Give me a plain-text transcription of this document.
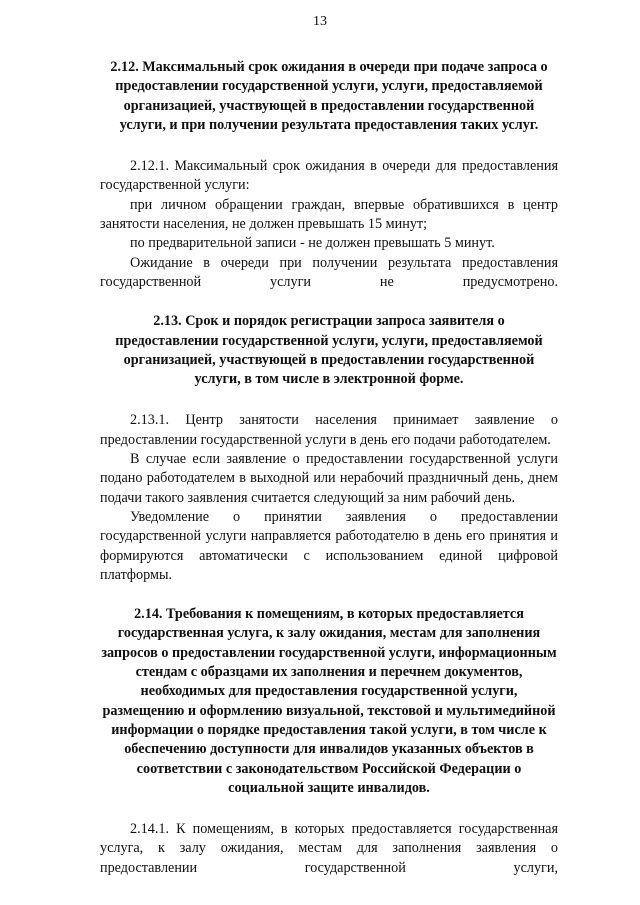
13

2.12. Максимальный срок ожидания в очереди при подаче запроса о предоставлении государственной услуги, услуги, предоставляемой организацией, участвующей в предоставлении государственной услуги, и при получении результата предоставления таких услуг.

2.12.1. Максимальный срок ожидания в очереди для предоставления государственной услуги:

при личном обращении граждан, впервые обратившихся в центр занятости населения, не должен превышать 15 минут;

по предварительной записи - не должен превышать 5 минут.

Ожидание в очереди при получении результата предоставления государственной услуги не предусмотрено.

2.13. Срок и порядок регистрации запроса заявителя о предоставлении государственной услуги, услуги, предоставляемой организацией, участвующей в предоставлении государственной услуги, в том числе в электронной форме.

2.13.1. Центр занятости населения принимает заявление о предоставлении государственной услуги в день его подачи работодателем.

В случае если заявление о предоставлении государственной услуги подано работодателем в выходной или нерабочий праздничный день, днем подачи такого заявления считается следующий за ним рабочий день.

Уведомление о принятии заявления о предоставлении государственной услуги направляется работодателю в день его принятия и формируются автоматически с использованием единой цифровой платформы.

2.14. Требования к помещениям, в которых предоставляется государственная услуга, к залу ожидания, местам для заполнения запросов о предоставлении государственной услуги, информационным стендам с образцами их заполнения и перечнем документов, необходимых для предоставления государственной услуги, размещению и оформлению визуальной, текстовой и мультимедийной информации о порядке предоставления такой услуги, в том числе к обеспечению доступности для инвалидов указанных объектов в соответствии с законодательством Российской Федерации о социальной защите инвалидов.

2.14.1. К помещениям, в которых предоставляется государственная услуга, к залу ожидания, местам для заполнения заявления о предоставлении государственной услуги,
